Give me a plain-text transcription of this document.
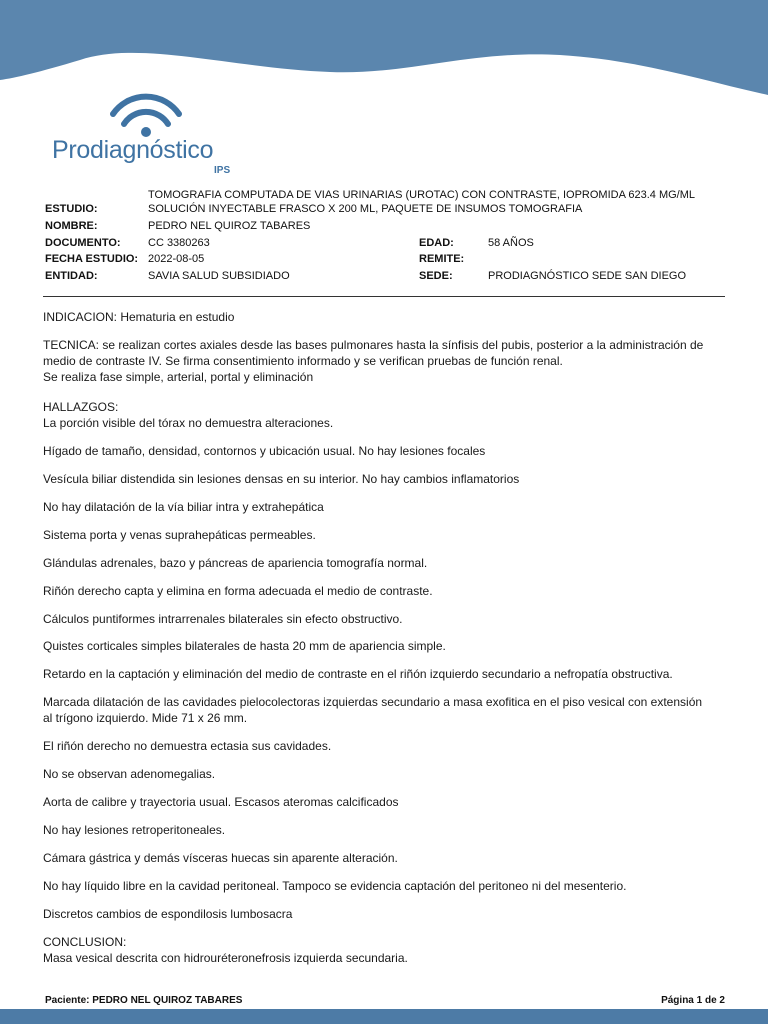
Prodiagnóstico
IPS
TOMOGRAFIA COMPUTADA DE VIAS URINARIAS (UROTAC) CON CONTRASTE, IOPROMIDA 623.4 MG/ML
ESTUDIO:	SOLUCIÓN INYECTABLE FRASCO X 200 ML, PAQUETE DE INSUMOS TOMOGRAFIA
NOMBRE:	PEDRO NEL QUIROZ TABARES
DOCUMENTO: CC 3380263	EDAD:	58 AÑOS
FECHA ESTUDIO: 2022-08-05	REMITE:
ENTIDAD:	SAVIA SALUD SUBSIDIADO	SEDE:	PRODIAGNÓSTICO SEDE SAN DIEGO
INDICACION: Hematuria en estudio
TECNICA: se realizan cortes axiales desde las bases pulmonares hasta la sínfisis del pubis, posterior a la administración de
medio de contraste IV. Se firma consentimiento informado y se verifican pruebas de función renal.
Se realiza fase simple, arterial, portal y eliminación
HALLAZGOS:
La porción visible del tórax no demuestra alteraciones.
Hígado de tamaño, densidad, contornos y ubicación usual. No hay lesiones focales
Vesícula biliar distendida sin lesiones densas en su interior. No hay cambios inflamatorios
No hay dilatación de la vía biliar intra y extrahepática
Sistema porta y venas suprahepáticas permeables.
Glándulas adrenales, bazo y páncreas de apariencia tomografía normal.
Riñón derecho capta y elimina en forma adecuada el medio de contraste.
Cálculos puntiformes intrarrenales bilaterales sin efecto obstructivo.
Quistes corticales simples bilaterales de hasta 20 mm de apariencia simple.
Retardo en la captación y eliminación del medio de contraste en el riñón izquierdo secundario a nefropatía obstructiva.
Marcada dilatación de las cavidades pielocolectoras izquierdas secundario a masa exofitica en el piso vesical con extensión
al trígono izquierdo. Mide 71 x 26 mm.
El riñón derecho no demuestra ectasia sus cavidades.
No se observan adenomegalias.
Aorta de calibre y trayectoria usual. Escasos ateromas calcificados
No hay lesiones retroperitoneales.
Cámara gástrica y demás vísceras huecas sin aparente alteración.
No hay líquido libre en la cavidad peritoneal. Tampoco se evidencia captación del peritoneo ni del mesenterio.
Discretos cambios de espondilosis lumbosacra
CONCLUSION:
Masa vesical descrita con hidrouréteronefrosis izquierda secundaria.
Paciente: PEDRO NEL QUIROZ TABARES	Página 1 de 2
